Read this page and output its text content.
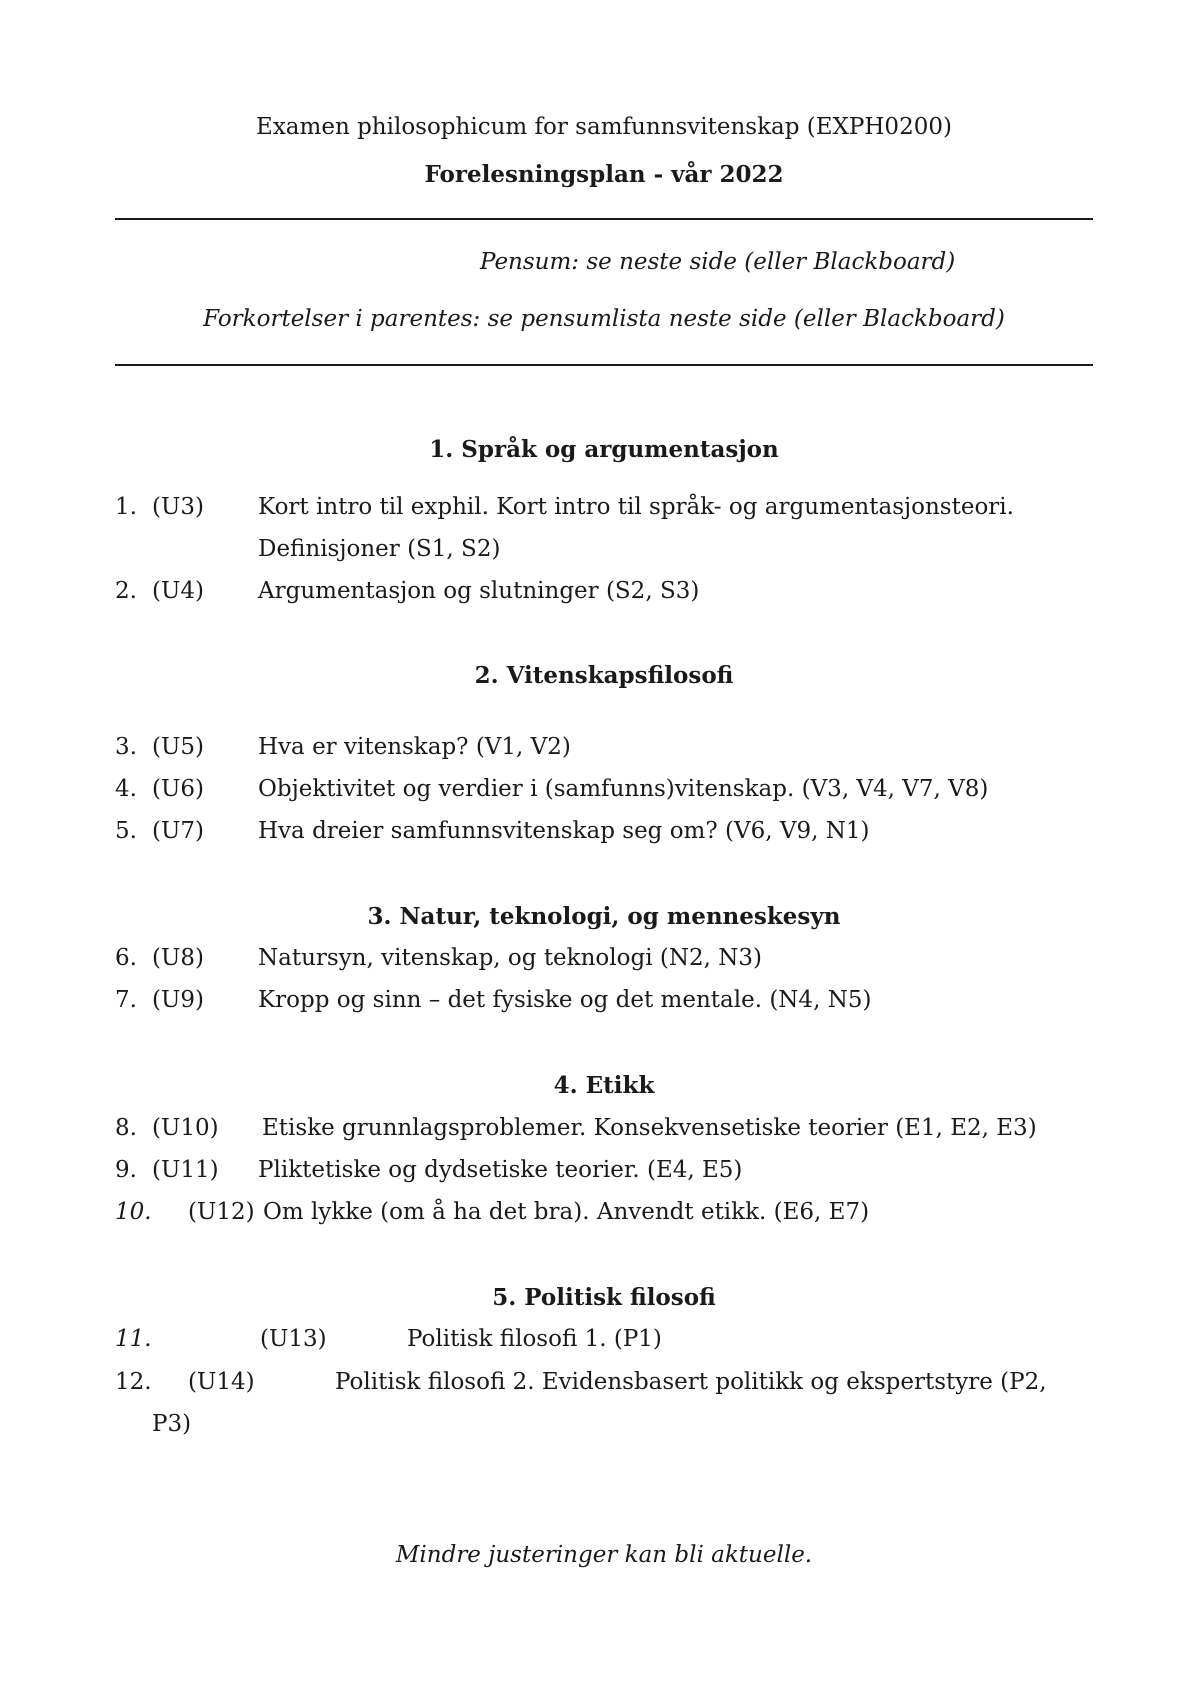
Examen philosophicum for samfunnsvitenskap (EXPH0200)
Forelesningsplan - vår 2022
Pensum: se neste side (eller Blackboard)
Forkortelser i parentes: se pensumlista neste side (eller Blackboard)
1. Språk og argumentasjon
1. (U3) Kort intro til exphil. Kort intro til språk- og argumentasjonsteori.
Definisjoner (S1, S2)
2. (U4) Argumentasjon og slutninger (S2, S3)
2. Vitenskapsfilosofi
3. (U5) Hva er vitenskap? (V1, V2)
4. (U6) Objektivitet og verdier i (samfunns)vitenskap. (V3, V4, V7, V8)
5. (U7) Hva dreier samfunnsvitenskap seg om? (V6, V9, N1)
3. Natur, teknologi, og menneskesyn
6. (U8) Natursyn, vitenskap, og teknologi (N2, N3)
7. (U9) Kropp og sinn – det fysiske og det mentale. (N4, N5)
4. Etikk
8. (U10) Etiske grunnlagsproblemer. Konsekvensetiske teorier (E1, E2, E3)
9. (U11) Pliktetiske og dydsetiske teorier. (E4, E5)
10. (U12) Om lykke (om å ha det bra). Anvendt etikk. (E6, E7)
5. Politisk filosofi
11.	(U13)	Politisk filosofi 1. (P1)
12. (U14)	Politisk filosofi 2. Evidensbasert politikk og ekspertstyre (P2,
P3)
Mindre justeringer kan bli aktuelle.
